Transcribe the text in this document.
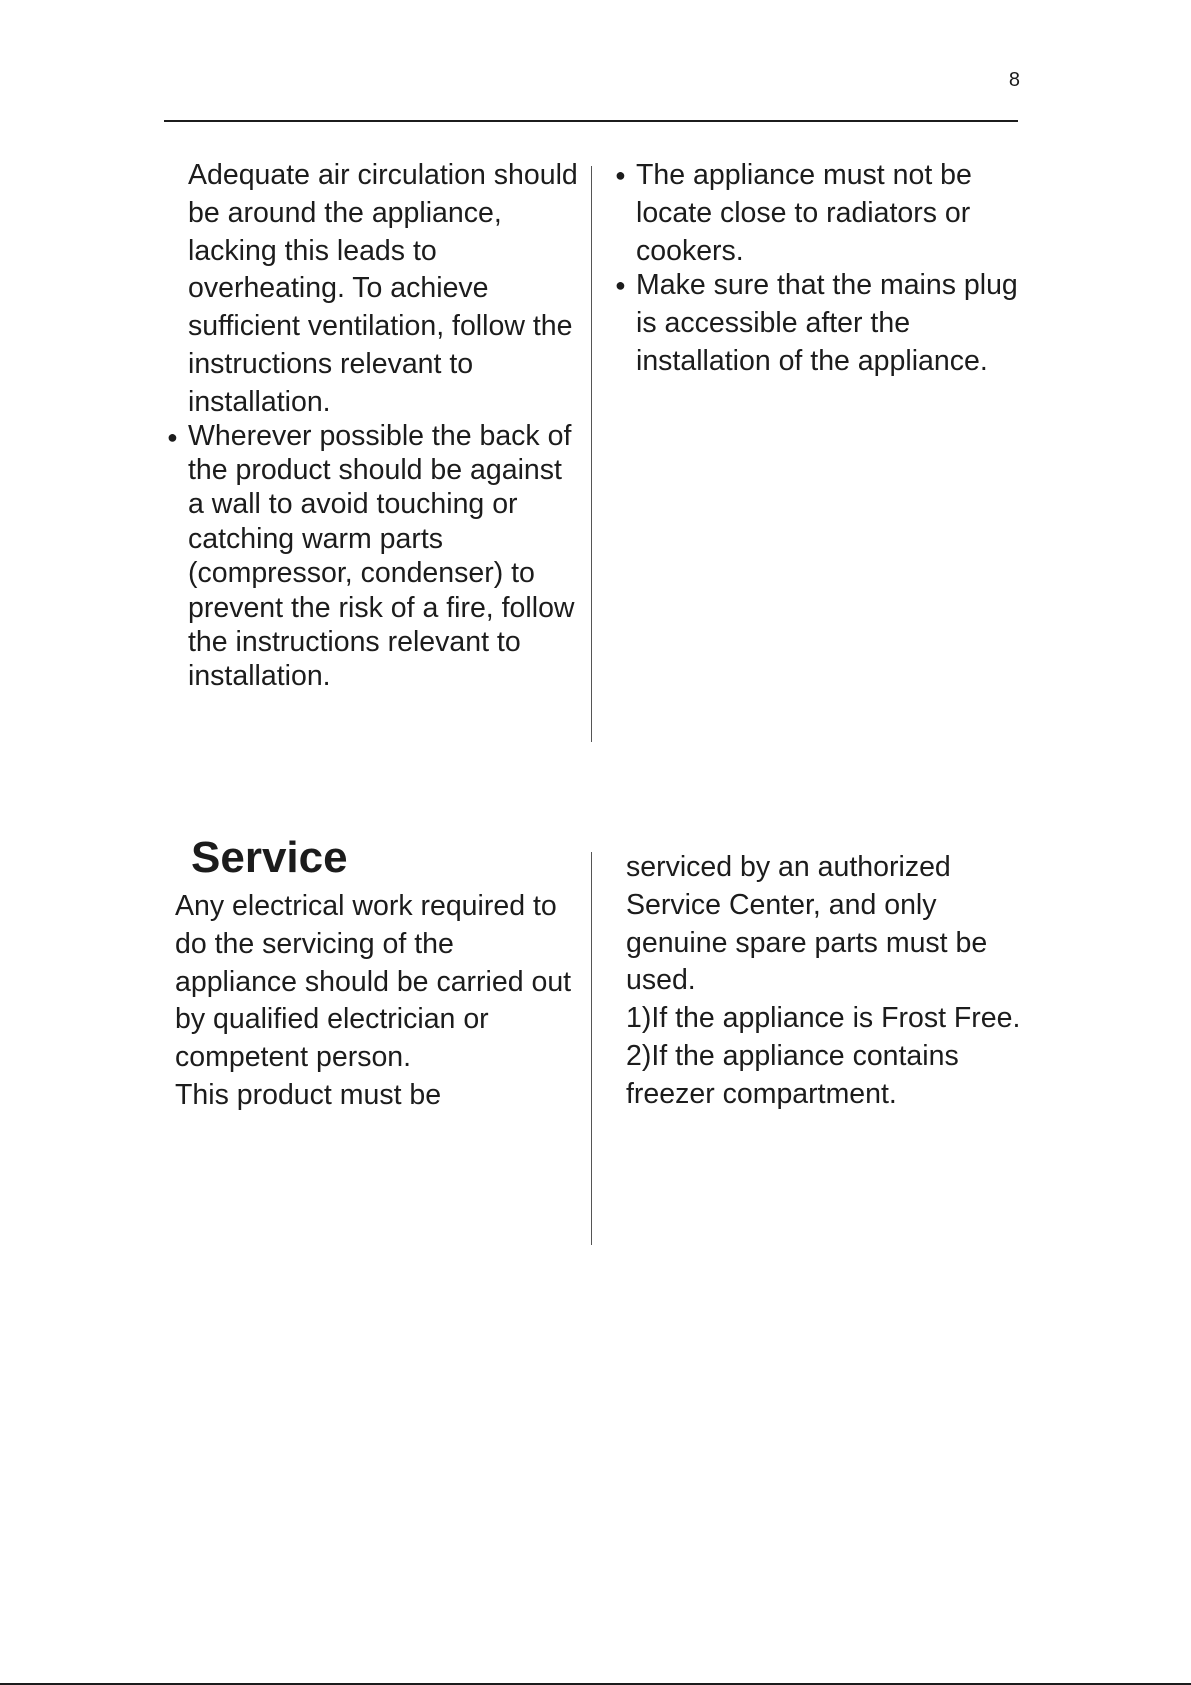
8

Adequate air circulation should be around the appliance, lacking this leads to overheating. To achieve sufficient ventilation, follow the instructions relevant to installation.

● Wherever possible the back of the product should be against a wall to avoid touching or catching warm parts (compressor, condenser) to prevent the risk of a fire, follow the instructions relevant to installation.

● The appliance must not be locate close to radiators or cookers.

● Make sure that the mains plug is accessible after the installation of the appliance.

Service

Any electrical work required to do the servicing of the appliance should be carried out by qualified electrician or competent person.

This product must be

serviced by an authorized Service Center, and only genuine spare parts must be used.

1)If the appliance is Frost Free.

2)If the appliance contains freezer compartment.
